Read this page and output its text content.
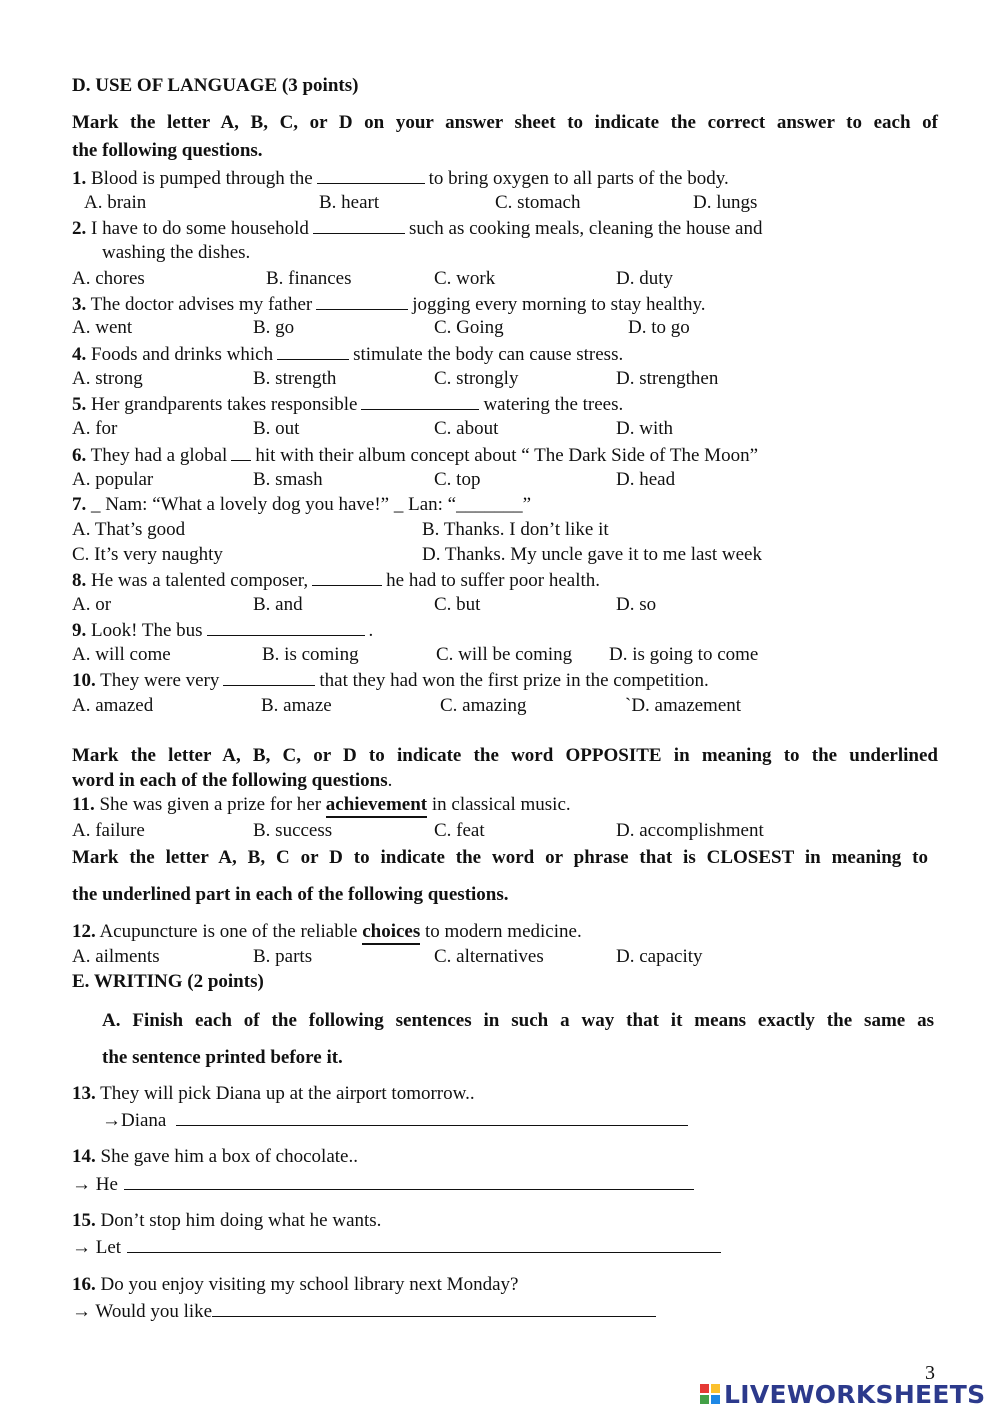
D. USE OF LANGUAGE (3 points)
Mark the letter A, B, C, or D on your answer sheet to indicate the correct answer to each of
the following questions.
1. Blood is pumped through the	to bring oxygen to all parts of the body.
A. brain	B. heart	C. stomach	D. lungs
2. I have to do some household	such as cooking meals, cleaning the house and
washing the dishes.
A. chores	B. finances	C. work	D. duty
3. The doctor advises my father	jogging every morning to stay healthy.
A. went	B. go	C. Going	D. to go
4. Foods and drinks which	stimulate the body can cause stress.
A. strong	B. strength	C. strongly	D. strengthen
5. Her grandparents takes responsible	watering the trees.
A. for	B. out	C. about	D. with
6. They had a global hit with their album concept about “ The Dark Side of The Moon”
A. popular	B. smash	C. top	D. head
7. _ Nam: “What a lovely dog you have!” _ Lan: “_______”
A. That’s good	B. Thanks. I don’t like it
C. It’s very naughty	D. Thanks. My uncle gave it to me last week
8. He was a talented composer,	he had to suffer poor health.
A. or	B. and	C. but	D. so
9. Look! The bus	.
A. will come	B. is coming	C. will be coming D. is going to come
10. They were very	that they had won the first prize in the competition.
A. amazed	B. amaze	C. amazing	`D. amazement
Mark the letter A, B, C, or D to indicate the word OPPOSITE in meaning to the underlined
word in each of the following questions.
11. She was given a prize for her achievement in classical music.
A. failure	B. success	C. feat	D. accomplishment
Mark the letter A, B, C or D to indicate the word or phrase that is CLOSEST in meaning to
the underlined part in each of the following questions.
12. Acupuncture is one of the reliable choices to modern medicine.
A. ailments	B. parts	C. alternatives	D. capacity
E. WRITING (2 points)
A. Finish each of the following sentences in such a way that it means exactly the same as
the sentence printed before it.
13. They will pick Diana up at the airport tomorrow..
→Diana
14. She gave him a box of chocolate..
→ He
15. Don’t stop him doing what he wants.
→ Let
16. Do you enjoy visiting my school library next Monday?
→ Would you like
3
LIVEWORKSHEETS
